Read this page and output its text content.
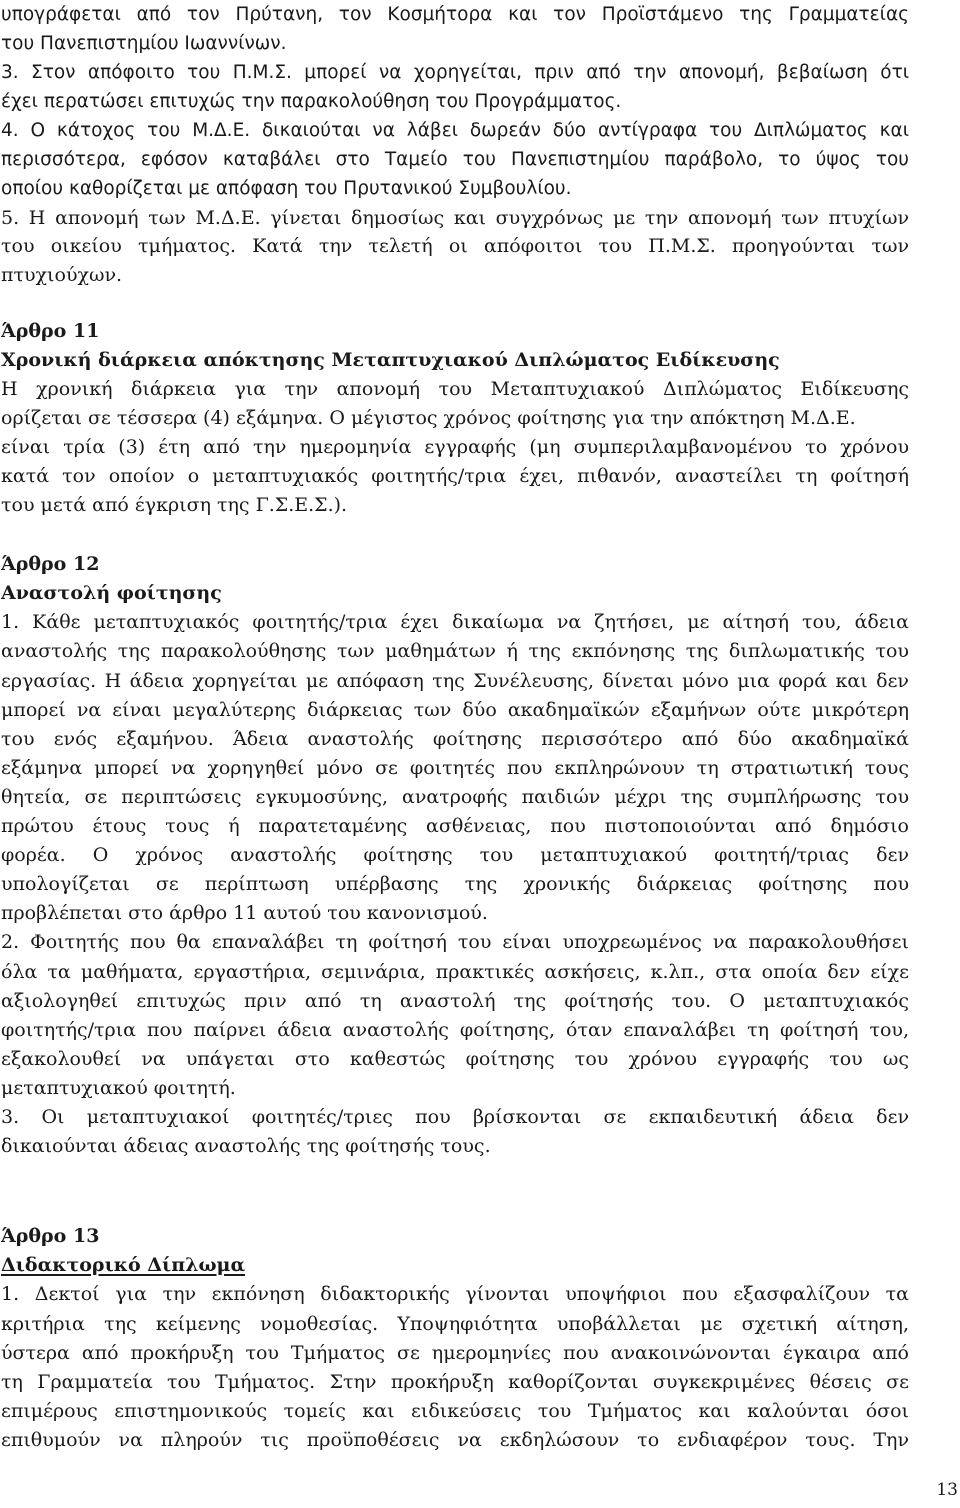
υπογράφεται από τον Πρύτανη, τον Κοσμήτορα και τον Προϊστάμενο της Γραμματείας
του Πανεπιστημίου Ιωαννίνων.
3. Στον απόφοιτο του Π.Μ.Σ. μπορεί να χορηγείται, πριν από την απονομή, βεβαίωση ότι
έχει περατώσει επιτυχώς την παρακολούθηση του Προγράμματος.
4. Ο κάτοχος του Μ.Δ.Ε. δικαιούται να λάβει δωρεάν δύο αντίγραφα του Διπλώματος και
περισσότερα, εφόσον καταβάλει στο Ταμείο του Πανεπιστημίου παράβολο, το ύψος του
οποίου καθορίζεται με απόφαση του Πρυτανικού Συμβουλίου.
5. Η απονομή των Μ.Δ.Ε. γίνεται δημοσίως και συγχρόνως με την απονομή των πτυχίων
του οικείου τμήματος. Κατά την τελετή οι απόφοιτοι του Π.Μ.Σ. προηγούνται των
πτυχιούχων.
Άρθρο 11
Χρονική διάρκεια απόκτησης Μεταπτυχιακού Διπλώματος Ειδίκευσης
Η χρονική διάρκεια για την απονομή του Μεταπτυχιακού Διπλώματος Ειδίκευσης
ορίζεται σε τέσσερα (4) εξάμηνα. Ο μέγιστος χρόνος φοίτησης για την απόκτηση Μ.Δ.Ε.
είναι τρία (3) έτη από την ημερομηνία εγγραφής (μη συμπεριλαμβανομένου το χρόνου
κατά τον οποίον ο μεταπτυχιακός φοιτητής/τρια έχει, πιθανόν, αναστείλει τη φοίτησή
του μετά από έγκριση της Γ.Σ.Ε.Σ.).
Άρθρο 12
Αναστολή φοίτησης
1. Κάθε μεταπτυχιακός φοιτητής/τρια έχει δικαίωμα να ζητήσει, με αίτησή του, άδεια
αναστολής της παρακολούθησης των μαθημάτων ή της εκπόνησης της διπλωματικής του
εργασίας. Η άδεια χορηγείται με απόφαση της Συνέλευσης, δίνεται μόνο μια φορά και δεν
μπορεί να είναι μεγαλύτερης διάρκειας των δύο ακαδημαϊκών εξαμήνων ούτε μικρότερη
του ενός εξαμήνου. Άδεια αναστολής φοίτησης περισσότερο από δύο ακαδημαϊκά
εξάμηνα μπορεί να χορηγηθεί μόνο σε φοιτητές που εκπληρώνουν τη στρατιωτική τους
θητεία, σε περιπτώσεις εγκυμοσύνης, ανατροφής παιδιών μέχρι της συμπλήρωσης του
πρώτου έτους τους ή παρατεταμένης ασθένειας, που πιστοποιούνται από δημόσιο
φορέα. Ο χρόνος αναστολής φοίτησης του μεταπτυχιακού φοιτητή/τριας δεν
υπολογίζεται σε περίπτωση υπέρβασης της χρονικής διάρκειας φοίτησης που
προβλέπεται στο άρθρο 11 αυτού του κανονισμού.
2. Φοιτητής που θα επαναλάβει τη φοίτησή του είναι υποχρεωμένος να παρακολουθήσει
όλα τα μαθήματα, εργαστήρια, σεμινάρια, πρακτικές ασκήσεις, κ.λπ., στα οποία δεν είχε
αξιολογηθεί επιτυχώς πριν από τη αναστολή της φοίτησής του. Ο μεταπτυχιακός
φοιτητής/τρια που παίρνει άδεια αναστολής φοίτησης, όταν επαναλάβει τη φοίτησή του,
εξακολουθεί να υπάγεται στο καθεστώς φοίτησης του χρόνου εγγραφής του ως
μεταπτυχιακού φοιτητή.
3. Οι μεταπτυχιακοί φοιτητές/τριες που βρίσκονται σε εκπαιδευτική άδεια δεν
δικαιούνται άδειας αναστολής της φοίτησής τους.
Άρθρο 13
Διδακτορικό Δίπλωμα
1. Δεκτοί για την εκπόνηση διδακτορικής γίνονται υποψήφιοι που εξασφαλίζουν τα
κριτήρια της κείμενης νομοθεσίας. Υποψηφιότητα υποβάλλεται με σχετική αίτηση,
ύστερα από προκήρυξη του Τμήματος σε ημερομηνίες που ανακοινώνονται έγκαιρα από
τη Γραμματεία του Τμήματος. Στην προκήρυξη καθορίζονται συγκεκριμένες θέσεις σε
επιμέρους επιστημονικούς τομείς και ειδικεύσεις του Τμήματος και καλούνται όσοι
επιθυμούν να πληρούν τις προϋποθέσεις να εκδηλώσουν το ενδιαφέρον τους. Την
13
